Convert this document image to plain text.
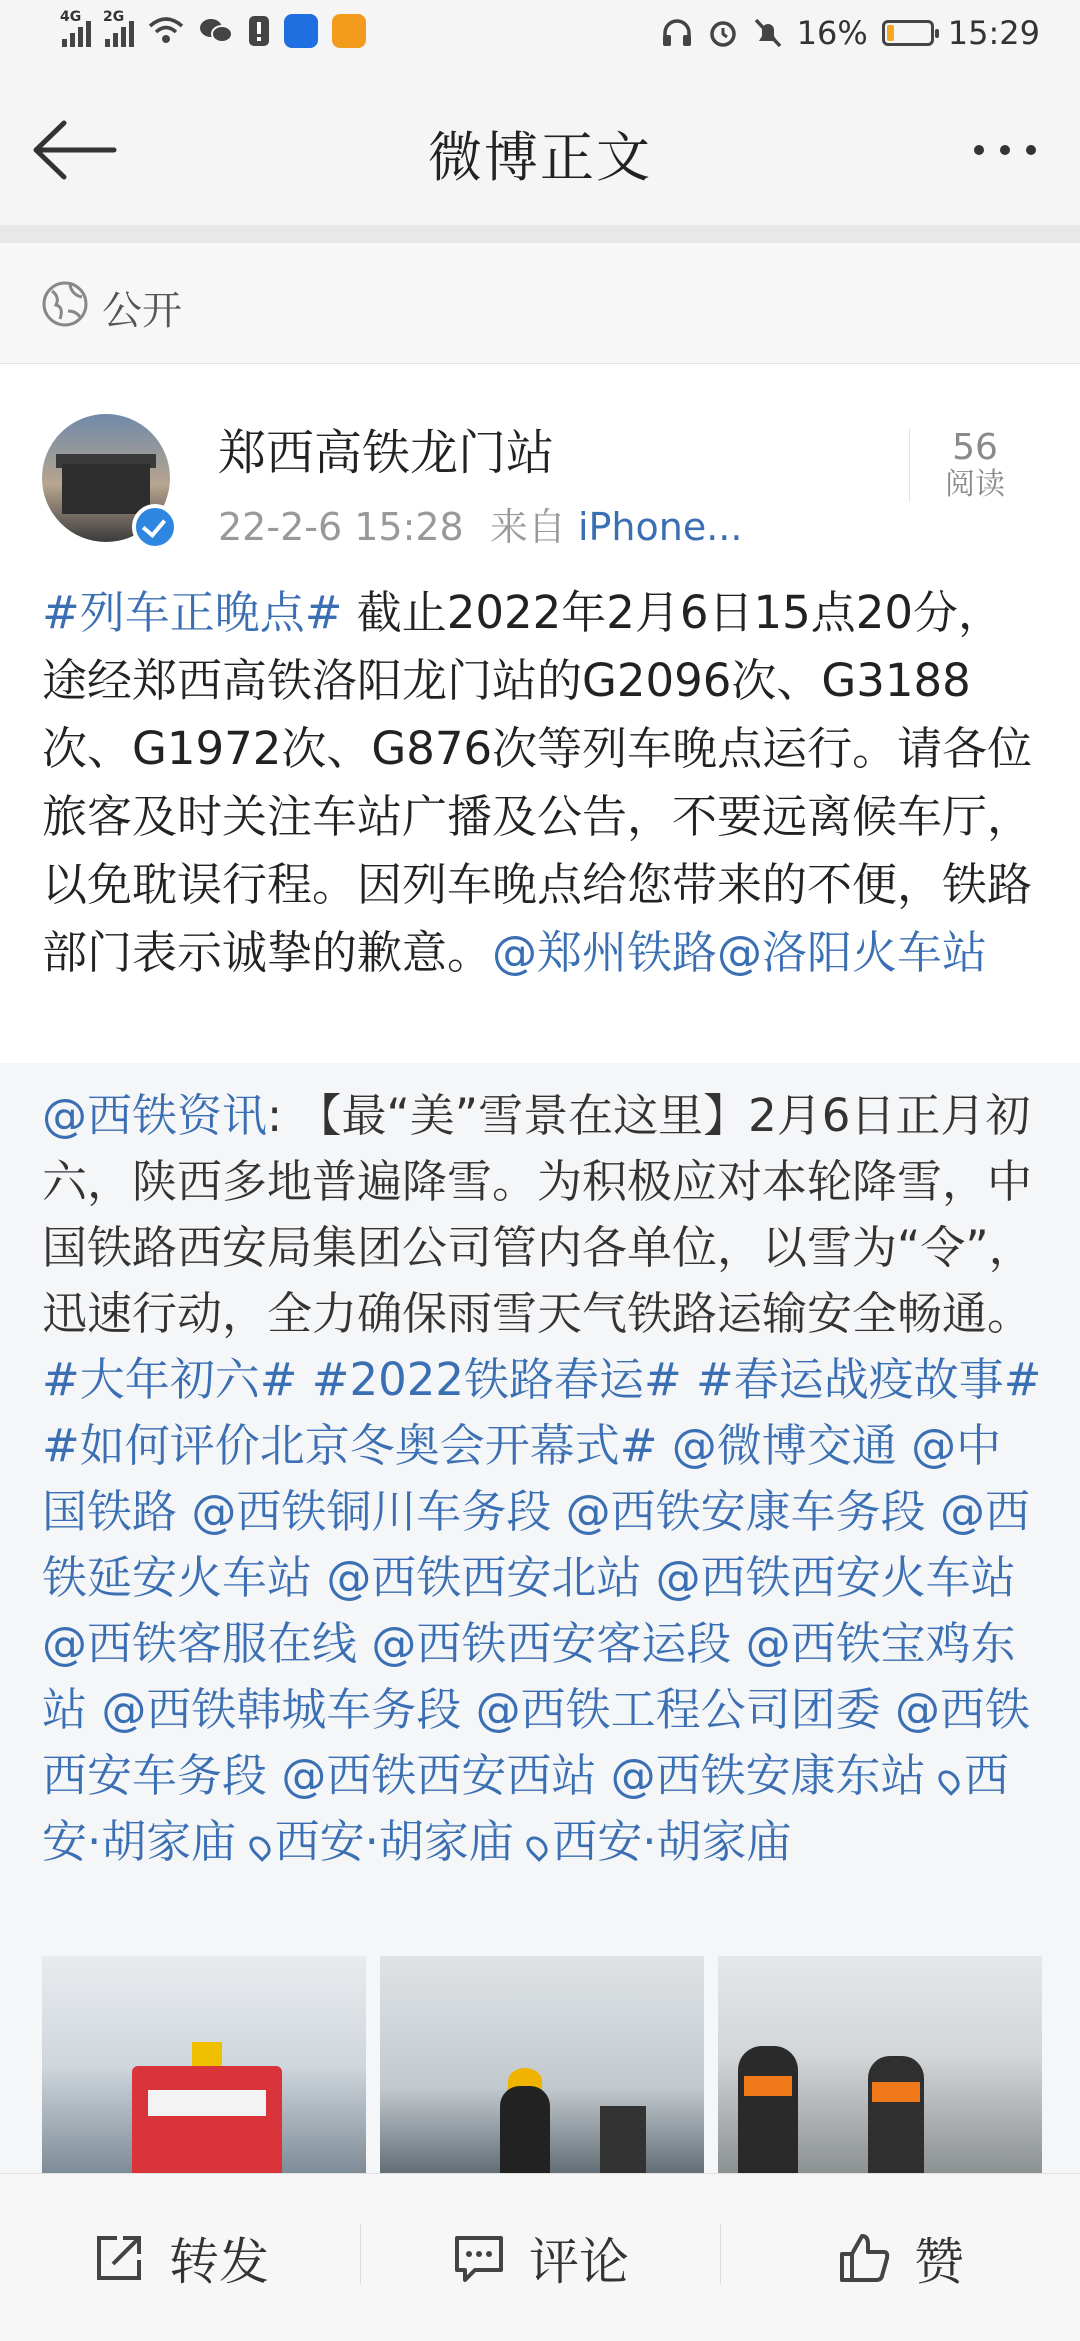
4G 2G	16%	15:29
微博正文
公开
郑西高铁龙门站
22-2-6 15:28 来自 iPhone...
56
阅读
#列车正晚点# 截止2022年2月6日15点20分，途经郑西高铁洛阳龙门站的G2096次、G3188次、G1972次、G876次等列车晚点运行。请各位旅客及时关注车站广播及公告，不要远离候车厅，以免耽误行程。因列车晚点给您带来的不便，铁路部门表示诚挚的歉意。@郑州铁路@洛阳火车站
@西铁资讯: 【最“美”雪景在这里】2月6日正月初六，陕西多地普遍降雪。为积极应对本轮降雪，中国铁路西安局集团公司管内各单位，以雪为“令”，迅速行动，全力确保雨雪天气铁路运输安全畅通。#大年初六# #2022铁路春运# #春运战疫故事# #如何评价北京冬奥会开幕式# @微博交通 @中国铁路 @西铁铜川车务段 @西铁安康车务段 @西铁延安火车站 @西铁西安北站 @西铁西安火车站 @西铁客服在线 @西铁西安客运段 @西铁宝鸡东站 @西铁韩城车务段 @西铁工程公司团委 @西铁西安车务段 @西铁西安西站 @西铁安康东站 西安·胡家庙 西安·胡家庙 西安·胡家庙
转发	评论	赞
